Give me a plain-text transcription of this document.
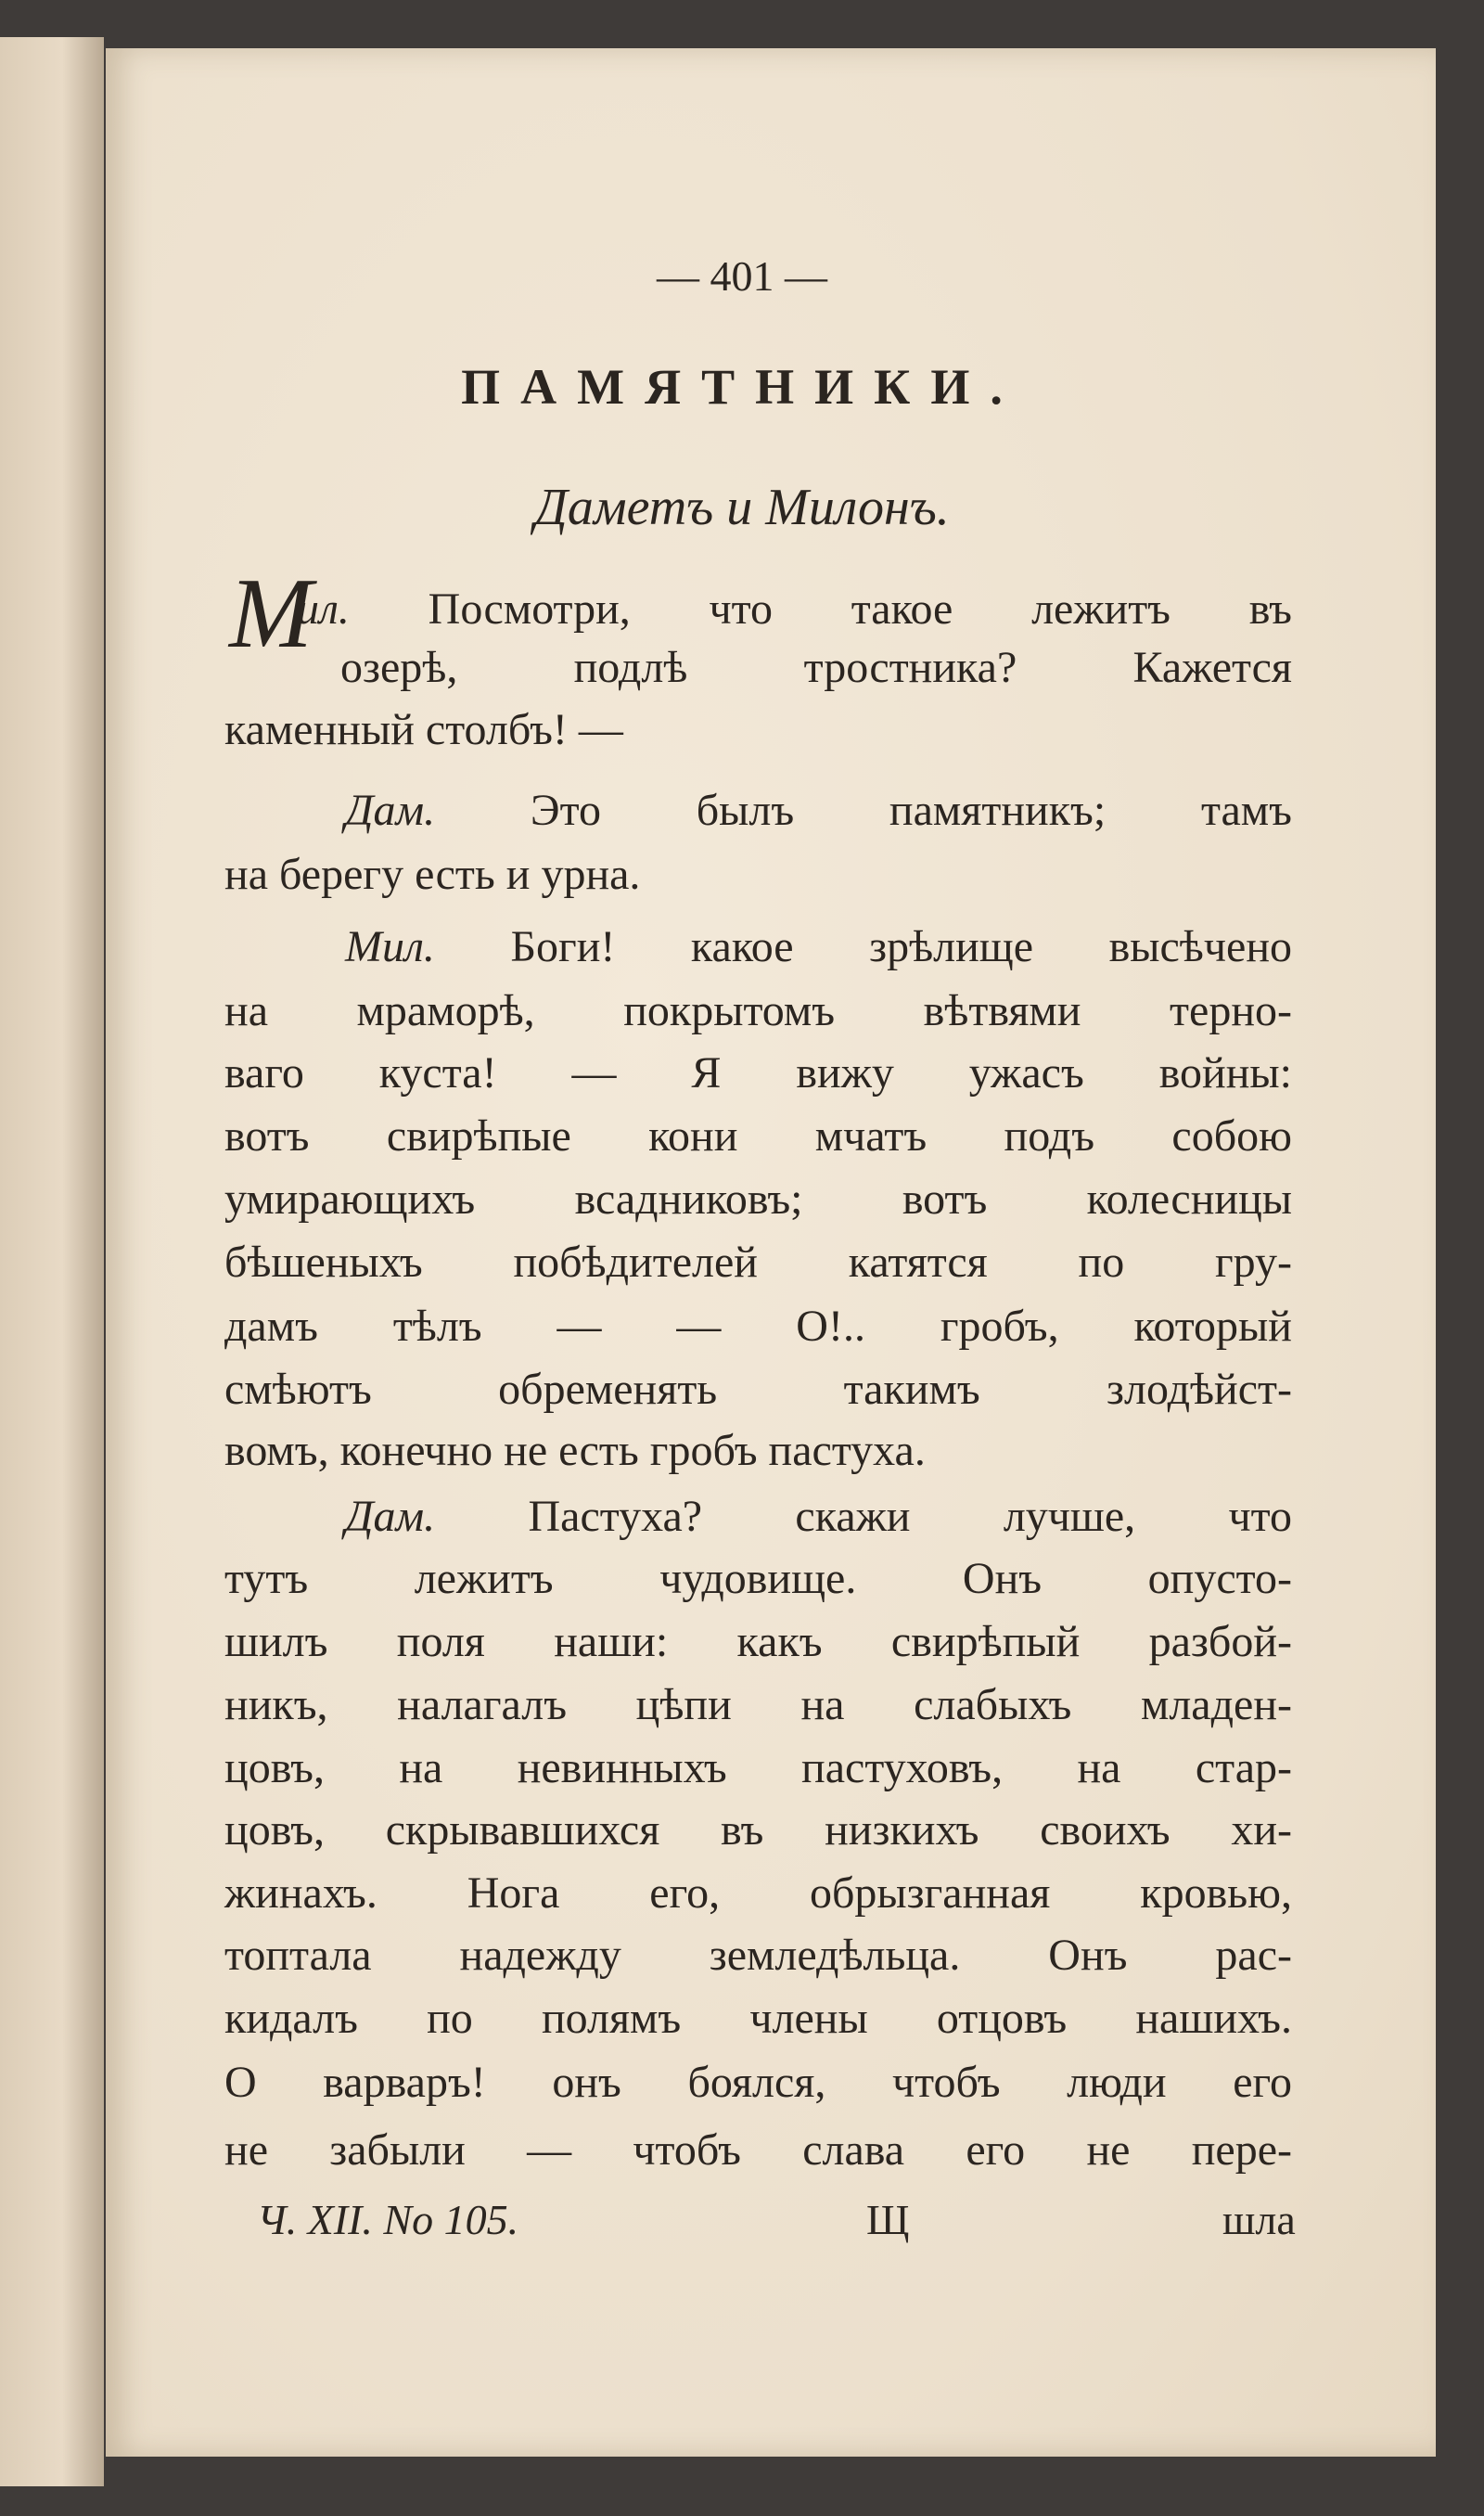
— 401 —
ПАМЯТНИКИ.
Даметъ и Милонъ.
М
ил. Посмотри, что такое лежитъ въ
озерѣ, подлѣ тростника? Кажется
каменный столбъ! —
Дам. Это былъ памятникъ; тамъ
на берегу есть и урна.
Мил. Боги! какое зрѣлище высѣчено
на мраморѣ, покрытомъ вѣтвями терно-
ваго куста! — Я вижу ужасъ войны:
вотъ свирѣпые кони мчатъ подъ собою
умирающихъ всадниковъ; вотъ колесницы
бѣшеныхъ побѣдителей катятся по гру-
дамъ тѣлъ — — О!.. гробъ, который
смѣютъ обременять такимъ злодѣйст-
вомъ, конечно не есть гробъ пастуха.
Дам. Пастуха? скажи лучше, что
тутъ лежитъ чудовище. Онъ опусто-
шилъ поля наши: какъ свирѣпый разбой-
никъ, налагалъ цѣпи на слабыхъ младен-
цовъ, на невинныхъ пастуховъ, на стар-
цовъ, скрывавшихся въ низкихъ своихъ хи-
жинахъ. Нога его, обрызганная кровью,
топтала надежду земледѣльца. Онъ рас-
кидалъ по полямъ члены отцовъ нашихъ.
О варваръ! онъ боялся, чтобъ люди его
не забыли — чтобъ слава его не пере-
Ч. XII. No 105.	Щ	шла
